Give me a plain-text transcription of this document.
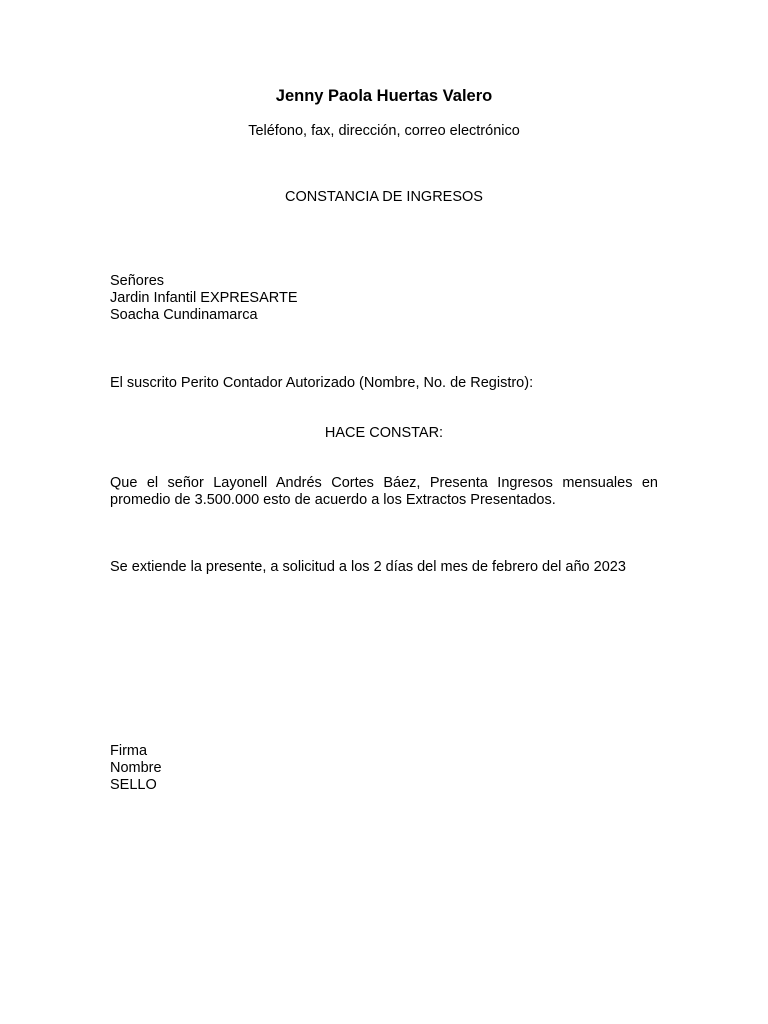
Jenny Paola Huertas Valero
Teléfono, fax, dirección, correo electrónico
CONSTANCIA DE INGRESOS
Señores
Jardin Infantil EXPRESARTE
Soacha Cundinamarca
El suscrito Perito Contador Autorizado (Nombre, No. de Registro):
HACE CONSTAR:
Que el señor Layonell Andrés Cortes Báez, Presenta Ingresos mensuales en promedio de 3.500.000 esto de acuerdo a los Extractos Presentados.
Se extiende la presente, a solicitud a los 2 días del mes de febrero del año 2023
Firma
Nombre
SELLO
